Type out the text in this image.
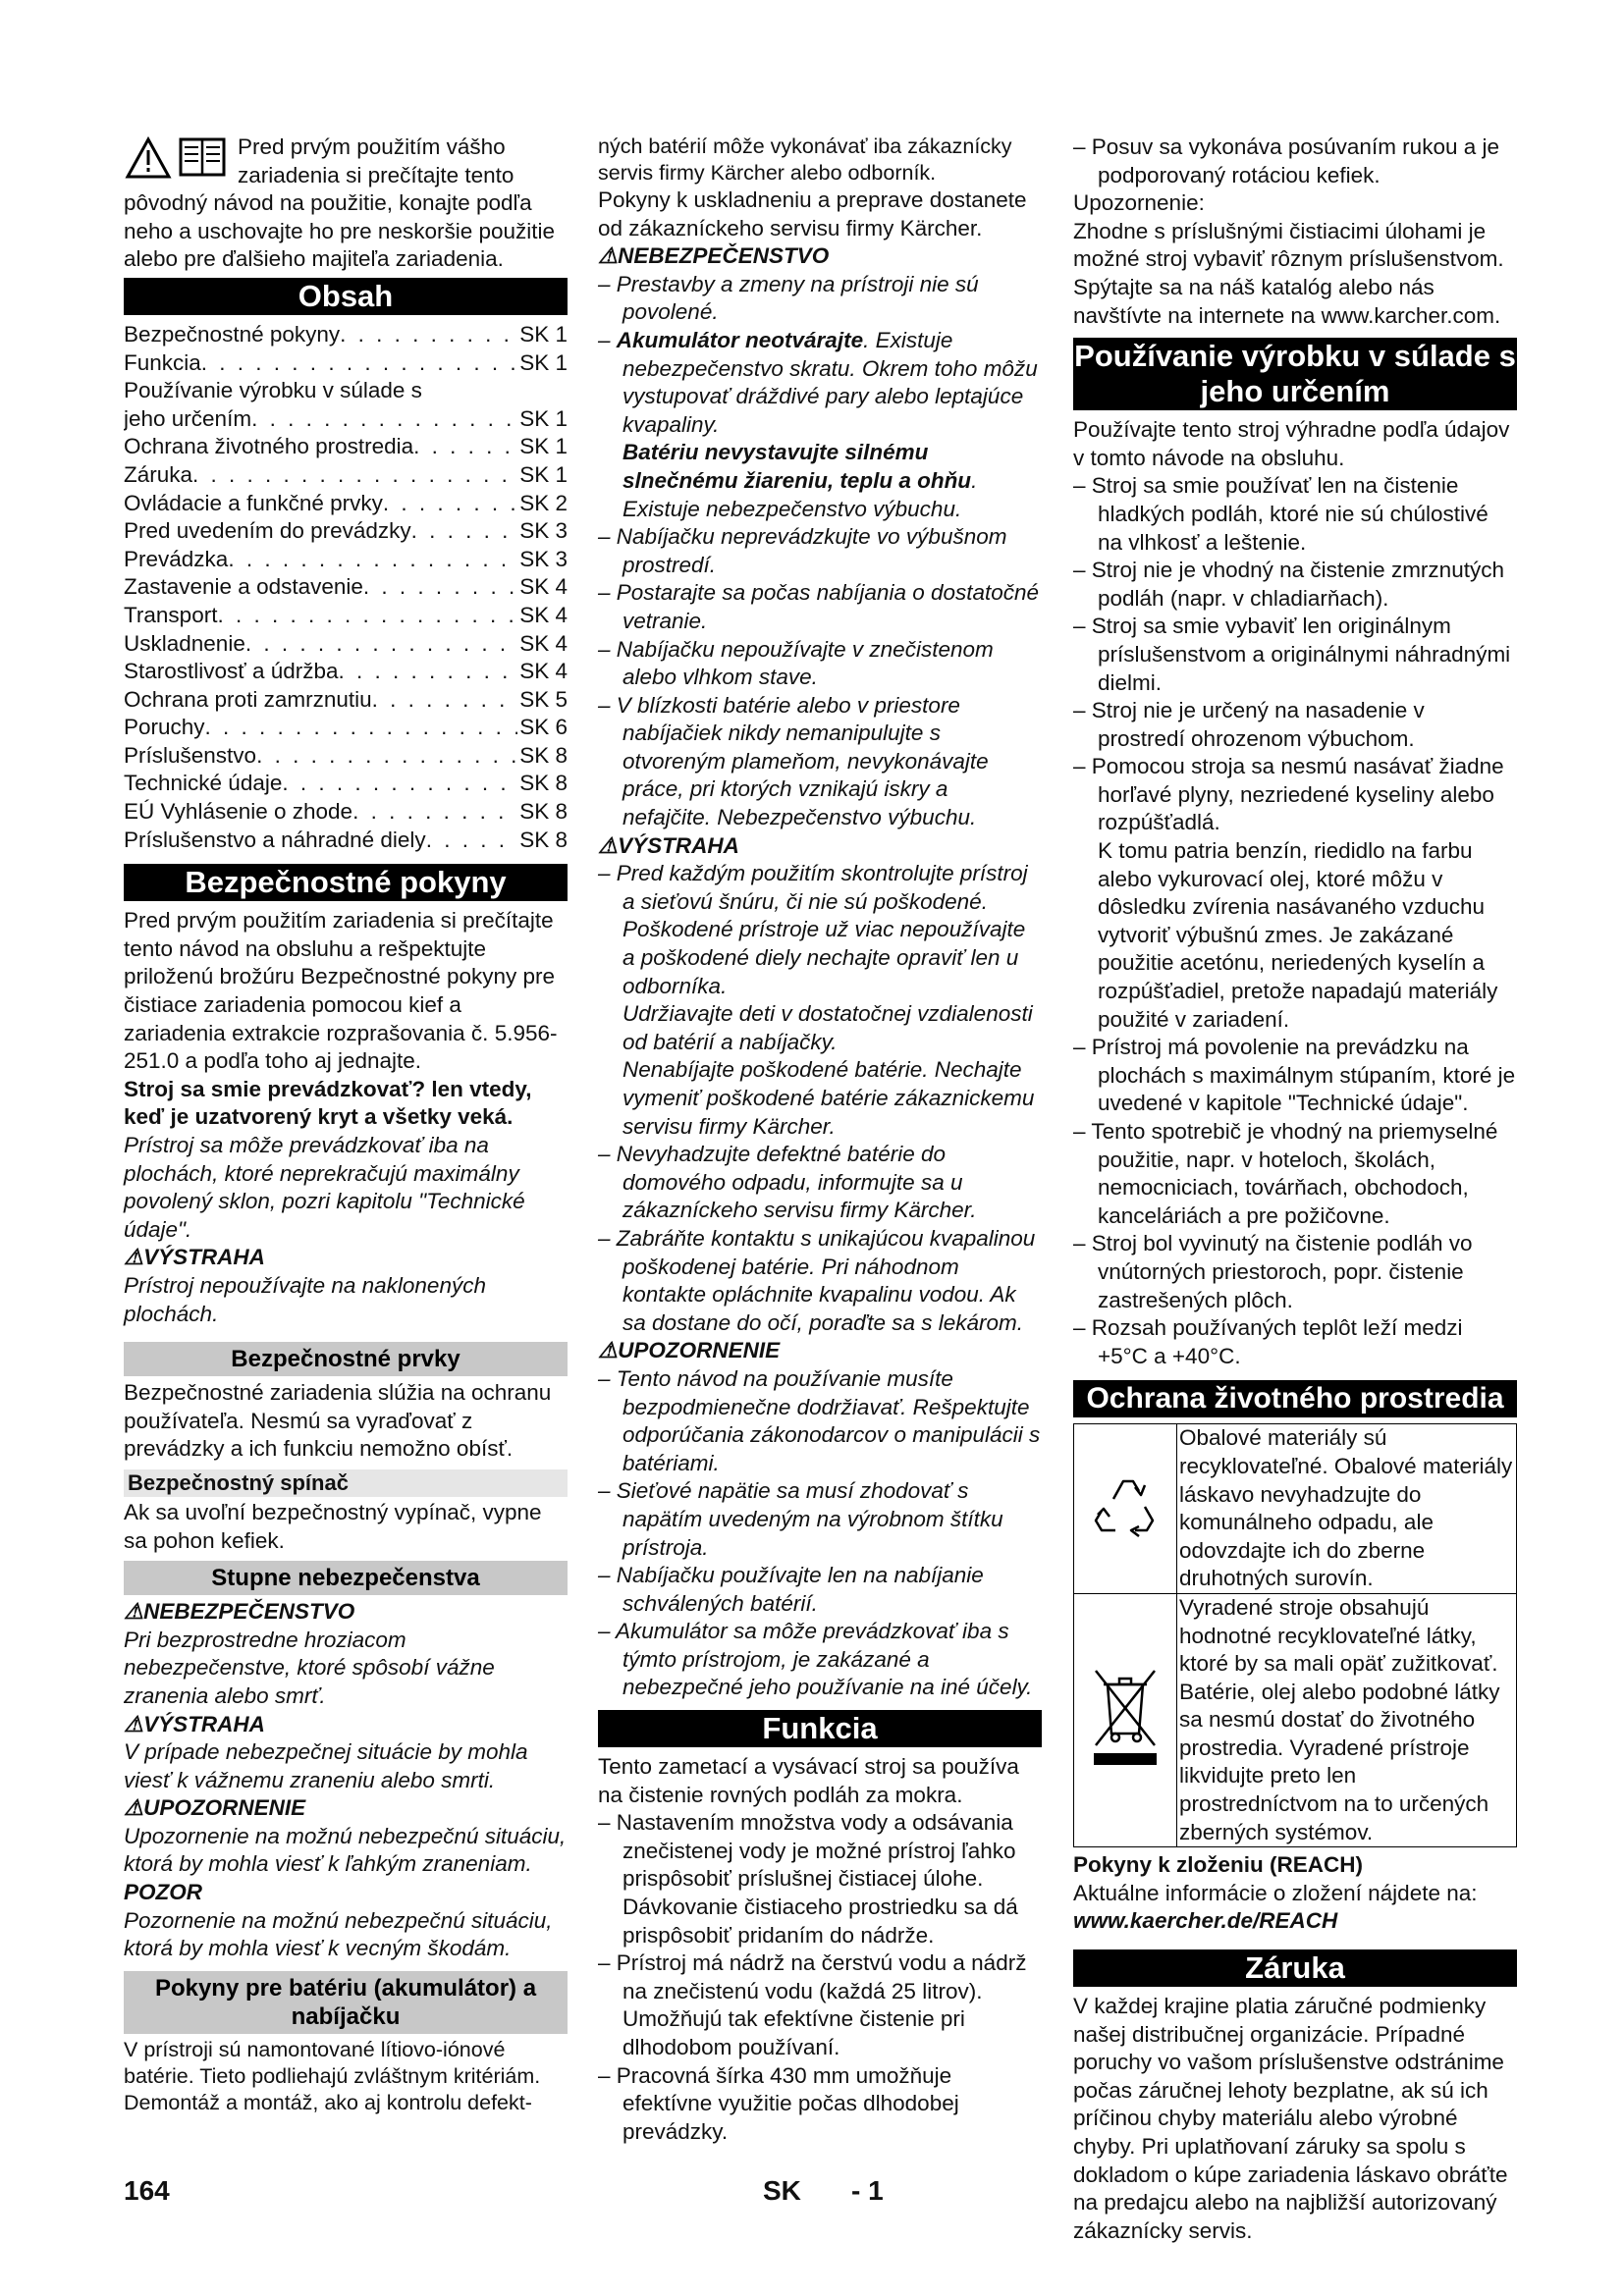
Pred prvým použitím vášho zariadenia si prečítajte tento pôvodný návod na použitie, konajte podľa neho a uschovajte ho pre neskoršie použitie alebo pre ďalšieho majiteľa zariadenia.

Obsah
Bezpečnostné pokyny . . .	SK 1
Funkcia . . .	SK 1
Používanie výrobku v súlade s
jeho určením . . .	SK 1
Ochrana životného prostredia . . .	SK 1
Záruka . . .	SK 1
Ovládacie a funkčné prvky . . .	SK 2
Pred uvedením do prevádzky . . .	SK 3
Prevádzka . . .	SK 3
Zastavenie a odstavenie . . .	SK 4
Transport . . .	SK 4
Uskladnenie . . .	SK 4
Starostlivosť a údržba . . .	SK 4
Ochrana proti zamrznutiu . . .	SK 5
Poruchy . . .	SK 6
Príslušenstvo . . .	SK 8
Technické údaje . . .	SK 8
EÚ Vyhlásenie o zhode . . .	SK 8
Príslušenstvo a náhradné diely . . .	SK 8
Bezpečnostné pokyny

Pred prvým použitím zariadenia si prečítajte tento návod na obsluhu a rešpektujte priloženú brožúru Bezpečnostné pokyny pre čistiace zariadenia pomocou kief a zariadenia extrakcie rozprašovania č. 5.956-251.0 a podľa toho aj jednajte.

Stroj sa smie prevádzkovať? len vtedy, keď je uzatvorený kryt a všetky veká.

Prístroj sa môže prevádzkovať iba na plochách, ktoré neprekračujú maximálny povolený sklon, pozri kapitolu "Technické údaje".

⚠VÝSTRAHA

Prístroj nepoužívajte na naklonených plochách.

Bezpečnostné prvky

Bezpečnostné zariadenia slúžia na ochranu používateľa. Nesmú sa vyraďovať z prevádzky a ich funkciu nemožno obísť.

Bezpečnostný spínač

Ak sa uvoľní bezpečnostný vypínač, vypne sa pohon kefiek.

Stupne nebezpečenstva

⚠NEBEZPEČENSTVO

Pri bezprostredne hroziacom nebezpečenstve, ktoré spôsobí vážne zranenia alebo smrť.

⚠VÝSTRAHA

V prípade nebezpečnej situácie by mohla viesť k vážnemu zraneniu alebo smrti.

⚠UPOZORNENIE

Upozornenie na možnú nebezpečnú situáciu, ktorá by mohla viesť k ľahkým zraneniam.

POZOR

Pozornenie na možnú nebezpečnú situáciu, ktorá by mohla viesť k vecným škodám.

Pokyny pre batériu (akumulátor) a nabíjačku

V prístroji sú namontované lítiovo-iónové batérie. Tieto podliehajú zvláštnym kritériám. Demontáž a montáž, ako aj kontrolu defekt-

ných batérií môže vykonávať iba zákaznícky servis firmy Kärcher alebo odborník.

Pokyny k uskladneniu a preprave dostanete od zákazníckeho servisu firmy Kärcher.

⚠NEBEZPEČENSTVO

– Prestavby a zmeny na prístroji nie sú povolené.

– Akumulátor neotvárajte. Existuje nebezpečenstvo skratu. Okrem toho môžu vystupovať dráždivé pary alebo leptajúce kvapaliny.

Batériu nevystavujte silnému slnečnému žiareniu, teplu a ohňu. Existuje nebezpečenstvo výbuchu.

– Nabíjačku neprevádzkujte vo výbušnom prostredí.

– Postarajte sa počas nabíjania o dostatočné vetranie.

– Nabíjačku nepoužívajte v znečistenom alebo vlhkom stave.

– V blízkosti batérie alebo v priestore nabíjačiek nikdy nemanipulujte s otvoreným plameňom, nevykonávajte práce, pri ktorých vznikajú iskry a nefajčite. Nebezpečenstvo výbuchu.

⚠VÝSTRAHA

– Pred každým použitím skontrolujte prístroj a sieťovú šnúru, či nie sú poškodené. Poškodené prístroje už viac nepoužívajte a poškodené diely nechajte opraviť len u odborníka.

Udržiavajte deti v dostatočnej vzdialenosti od batérií a nabíjačky.

Nenabíjajte poškodené batérie. Nechajte vymeniť poškodené batérie zákaznickemu servisu firmy Kärcher.

– Nevyhadzujte defektné batérie do domového odpadu, informujte sa u zákazníckeho servisu firmy Kärcher.

– Zabráňte kontaktu s unikajúcou kvapalinou poškodenej batérie. Pri náhodnom kontakte opláchnite kvapalinu vodou. Ak sa dostane do očí, poraďte sa s lekárom.

⚠UPOZORNENIE

– Tento návod na používanie musíte bezpodmienečne dodržiavať. Rešpektujte odporúčania zákonodarcov o manipulácii s batériami.

– Sieťové napätie sa musí zhodovať s napätím uvedeným na výrobnom štítku prístroja.

– Nabíjačku používajte len na nabíjanie schválených batérií.

– Akumulátor sa môže prevádzkovať iba s týmto prístrojom, je zakázané a nebezpečné jeho používanie na iné účely.

Funkcia

Tento zametací a vysávací stroj sa používa na čistenie rovných podláh za mokra.

– Nastavením množstva vody a odsávania znečistenej vody je možné prístroj ľahko prispôsobiť príslušnej čistiacej úlohe.

Dávkovanie čistiaceho prostriedku sa dá prispôsobiť pridaním do nádrže.

– Prístroj má nádrž na čerstvú vodu a nádrž na znečistenú vodu (každá 25 litrov). Umožňujú tak efektívne čistenie pri dlhodobom používaní.

– Pracovná šírka 430 mm umožňuje efektívne využitie počas dlhodobej prevádzky.

– Posuv sa vykonáva posúvaním rukou a je podporovaný rotáciou kefiek.

Upozornenie:

Zhodne s príslušnými čistiacimi úlohami je možné stroj vybaviť rôznym príslušenstvom. Spýtajte sa na náš katalóg alebo nás navštívte na internete na www.karcher.com.

Používanie výrobku v súlade s jeho určením

Používajte tento stroj výhradne podľa údajov v tomto návode na obsluhu.

– Stroj sa smie používať len na čistenie hladkých podláh, ktoré nie sú chúlostivé na vlhkosť a leštenie.

– Stroj nie je vhodný na čistenie zmrznutých podláh (napr. v chladiarňach).

– Stroj sa smie vybaviť len originálnym príslušenstvom a originálnymi náhradnými dielmi.

– Stroj nie je určený na nasadenie v prostredí ohrozenom výbuchom.

– Pomocou stroja sa nesmú nasávať žiadne horľavé plyny, nezriedené kyseliny alebo rozpúšťadlá.

K tomu patria benzín, riedidlo na farbu alebo vykurovací olej, ktoré môžu v dôsledku zvírenia nasávaného vzduchu vytvoriť výbušnú zmes. Je zakázané použitie acetónu, neriedených kyselín a rozpúšťadiel, pretože napadajú materiály použité v zariadení.

– Prístroj má povolenie na prevádzku na plochách s maximálnym stúpaním, ktoré je uvedené v kapitole "Technické údaje".

– Tento spotrebič je vhodný na priemyselné použitie, napr. v hoteloch, školách, nemocniciach, továrňach, obchodoch, kanceláriách a pre požičovne.

– Stroj bol vyvinutý na čistenie podláh vo vnútorných priestoroch, popr. čistenie zastrešených plôch.

– Rozsah používaných teplôt leží medzi +5°C a +40°C.

Ochrana životného prostredia
	Obalové materiály sú recyklovateľné. Obalové materiály láskavo nevyhadzujte do komunálneho odpadu, ale odovzdajte ich do zberne druhotných surovín.
	Vyradené stroje obsahujú hodnotné recyklovateľné látky, ktoré by sa mali opäť zužitkovať. Batérie, olej alebo podobné látky sa nesmú dostať do životného prostredia. Vyradené prístroje likvidujte preto len prostredníctvom na to určených zberných systémov.

Pokyny k zloženiu (REACH)

Aktuálne informácie o zložení nájdete na:

www.kaercher.de/REACH

Záruka

V každej krajine platia záručné podmienky našej distribučnej organizácie. Prípadné poruchy vo vašom príslušenstve odstránime počas záručnej lehoty bezplatne, ak sú ich príčinou chyby materiálu alebo výrobné chyby. Pri uplatňovaní záruky sa spolu s dokladom o kúpe zariadenia láskavo obráťte na predajcu alebo na najbližší autorizovaný zákaznícky servis.

164	SK - 1
